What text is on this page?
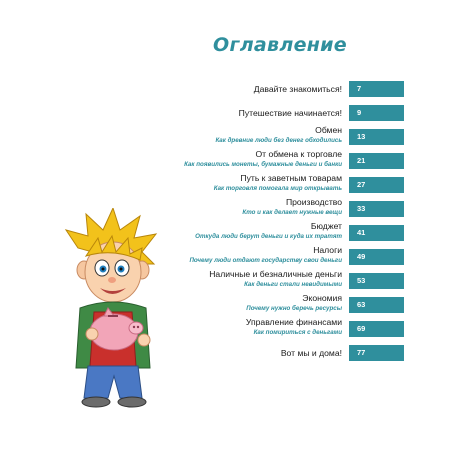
Оглавление
Давайте знакомиться!	7
Путешествие начинается!	9
Обмен
Как древние люди без денег обходились	13
От обмена к торговле
Как появились монеты, бумажные деньги и банки	21
Путь к заветным товарам
Как торговля помогала мир открывать	27
Производство
Кто и как делает нужные вещи	33
Бюджет
Откуда люди берут деньги и куда их тратят	41
Налоги
Почему люди отдают государству свои деньги	49
Наличные и безналичные деньги
Как деньги стали невидимыми	53
Экономия
Почему нужно беречь ресурсы	63
Управление финансами
Как помириться с деньгами	69
Вот мы и дома!	77
